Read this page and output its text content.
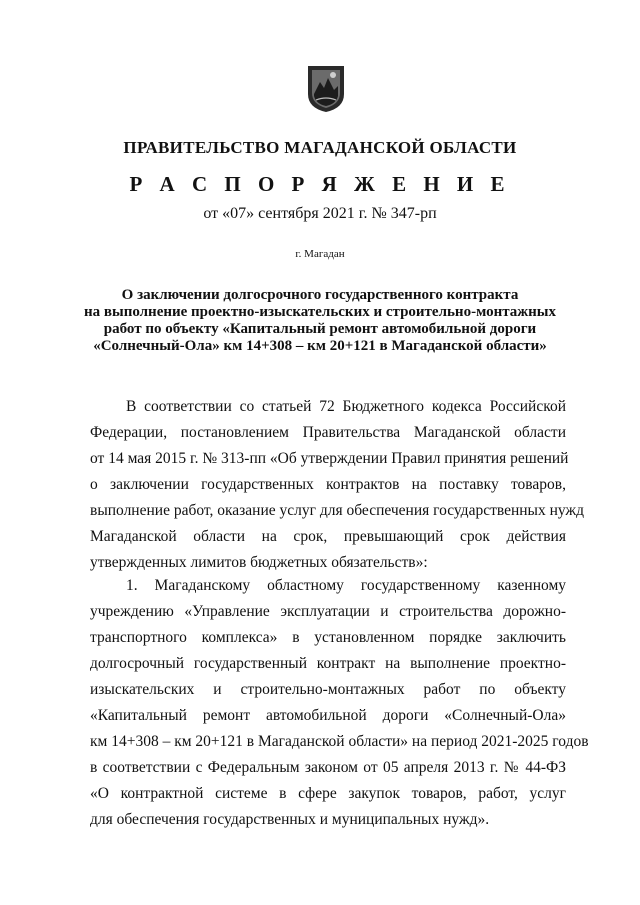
ПРАВИТЕЛЬСТВО МАГАДАНСКОЙ ОБЛАСТИ
Р А С П О Р Я Ж Е Н И Е
от «07» сентября 2021 г. № 347-рп
г. Магадан
О заключении долгосрочного государственного контракта
на выполнение проектно-изыскательских и строительно-монтажных
работ по объекту «Капитальный ремонт автомобильной дороги
«Солнечный-Ола» км 14+308 – км 20+121 в Магаданской области»
В соответствии со статьей 72 Бюджетного кодекса Российской
Федерации, постановлением Правительства Магаданской области
от 14 мая 2015 г. № 313-пп «Об утверждении Правил принятия решений
о заключении государственных контрактов на поставку товаров,
выполнение работ, оказание услуг для обеспечения государственных нужд
Магаданской области на срок, превышающий срок действия
утвержденных лимитов бюджетных обязательств»:
1. Магаданскому областному государственному казенному
учреждению «Управление эксплуатации и строительства дорожно-
транспортного комплекса» в установленном порядке заключить
долгосрочный государственный контракт на выполнение проектно-
изыскательских и строительно-монтажных работ по объекту
«Капитальный ремонт автомобильной дороги «Солнечный-Ола»
км 14+308 – км 20+121 в Магаданской области» на период 2021-2025 годов
в соответствии с Федеральным законом от 05 апреля 2013 г. № 44-ФЗ
«О контрактной системе в сфере закупок товаров, работ, услуг
для обеспечения государственных и муниципальных нужд».
